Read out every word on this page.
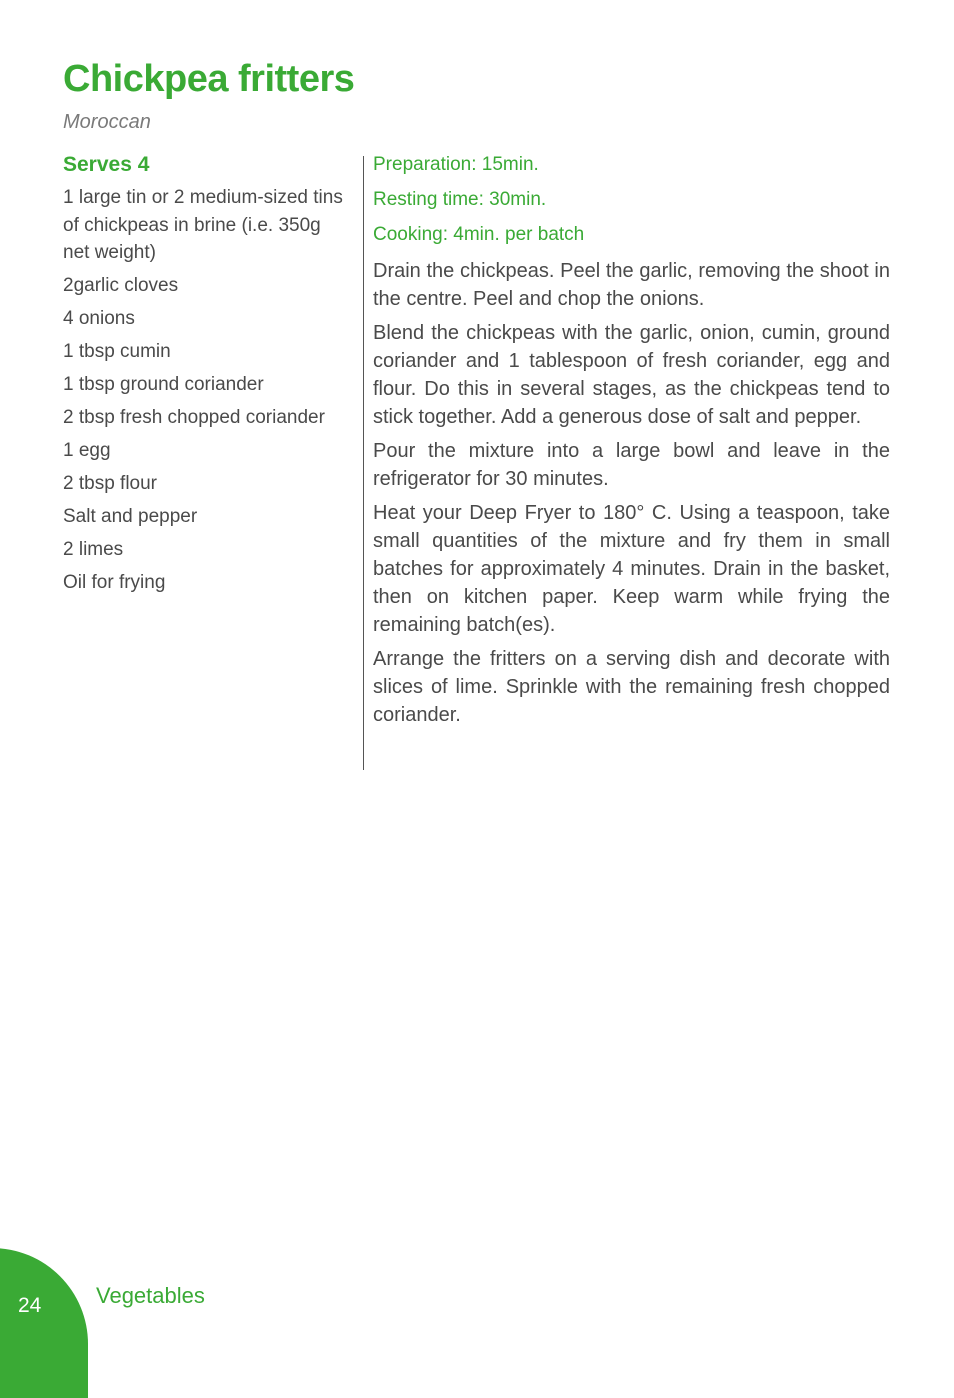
Chickpea fritters
Moroccan
Serves 4
1 large tin or 2 medium-sized tins of chickpeas in brine (i.e. 350g net weight)
2garlic cloves
4 onions
1 tbsp cumin
1 tbsp ground coriander
2 tbsp fresh chopped coriander
1 egg
2 tbsp flour
Salt and pepper
2 limes
Oil for frying
Preparation: 15min.
Resting time: 30min.
Cooking: 4min. per batch

Drain the chickpeas. Peel the garlic, removing the shoot in the centre. Peel and chop the onions.

Blend the chickpeas with the garlic, onion, cumin, ground coriander and 1 tablespoon of fresh coriander, egg and flour. Do this in several stages, as the chickpeas tend to stick together. Add a generous dose of salt and pepper.

Pour the mixture into a large bowl and leave in the refrigerator for 30 minutes.

Heat your Deep Fryer to 180° C. Using a teaspoon, take small quantities of the mixture and fry them in small batches for approximately 4 minutes. Drain in the basket, then on kitchen paper. Keep warm while frying the remaining batch(es).

Arrange the fritters on a serving dish and decorate with slices of lime. Sprinkle with the remaining fresh chopped coriander.

24 Vegetables
